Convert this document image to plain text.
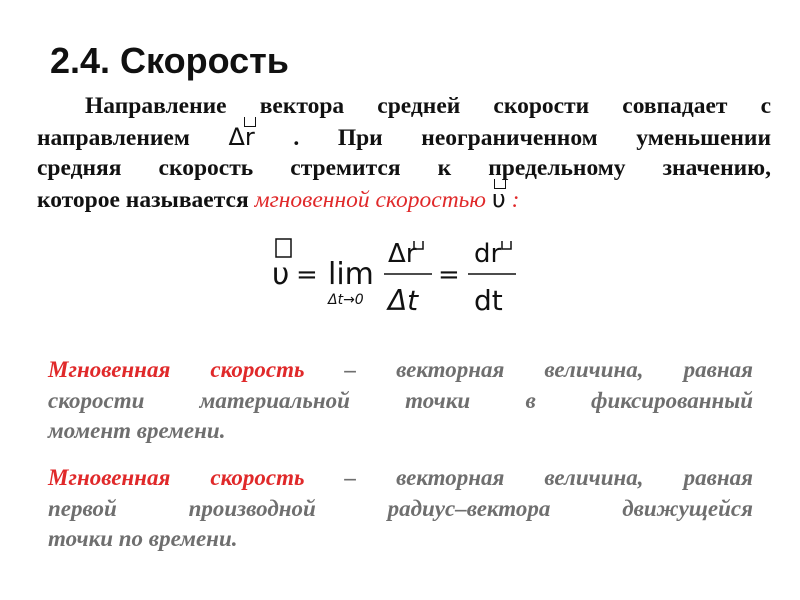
2.4. Скорость
Направление вектора средней скорости совпадает с
направлением Δr . При неограниченном уменьшении
средняя скорость стремится к предельному значению,
которое называется мгновенной скоростью υ :
υ = lim
Δt→0
Δr
Δt
=
dr
dt
Мгновенная скорость – векторная величина, равная
скорости материальной точки в фиксированный
момент времени.
Мгновенная скорость – векторная величина, равная
первой производной радиус–вектора движущейся
точки по времени.
